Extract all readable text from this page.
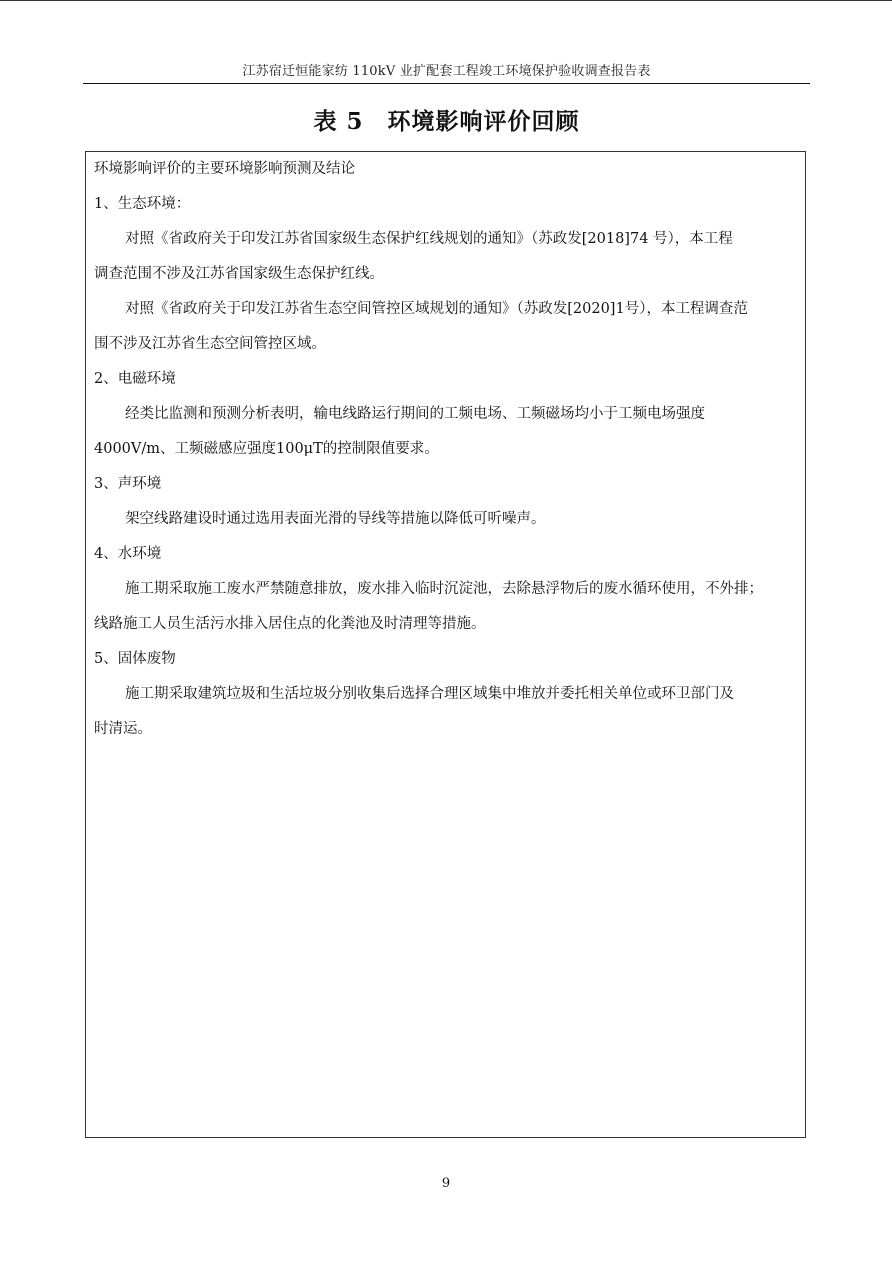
江苏宿迁恒能家纺 110kV 业扩配套工程竣工环境保护验收调查报告表
表 5　环境影响评价回顾
环境影响评价的主要环境影响预测及结论
1、生态环境：
对照《省政府关于印发江苏省国家级生态保护红线规划的通知》（苏政发[2018]74 号），本工程
调查范围不涉及江苏省国家级生态保护红线。
对照《省政府关于印发江苏省生态空间管控区域规划的通知》（苏政发[2020]1号），本工程调查范
围不涉及江苏省生态空间管控区域。
2、电磁环境
经类比监测和预测分析表明，输电线路运行期间的工频电场、工频磁场均小于工频电场强度
4000V/m、工频磁感应强度100μT的控制限值要求。
3、声环境
架空线路建设时通过选用表面光滑的导线等措施以降低可听噪声。
4、水环境
施工期采取施工废水严禁随意排放，废水排入临时沉淀池，去除悬浮物后的废水循环使用，不外排；
线路施工人员生活污水排入居住点的化粪池及时清理等措施。
5、固体废物
施工期采取建筑垃圾和生活垃圾分别收集后选择合理区域集中堆放并委托相关单位或环卫部门及
时清运。
9
